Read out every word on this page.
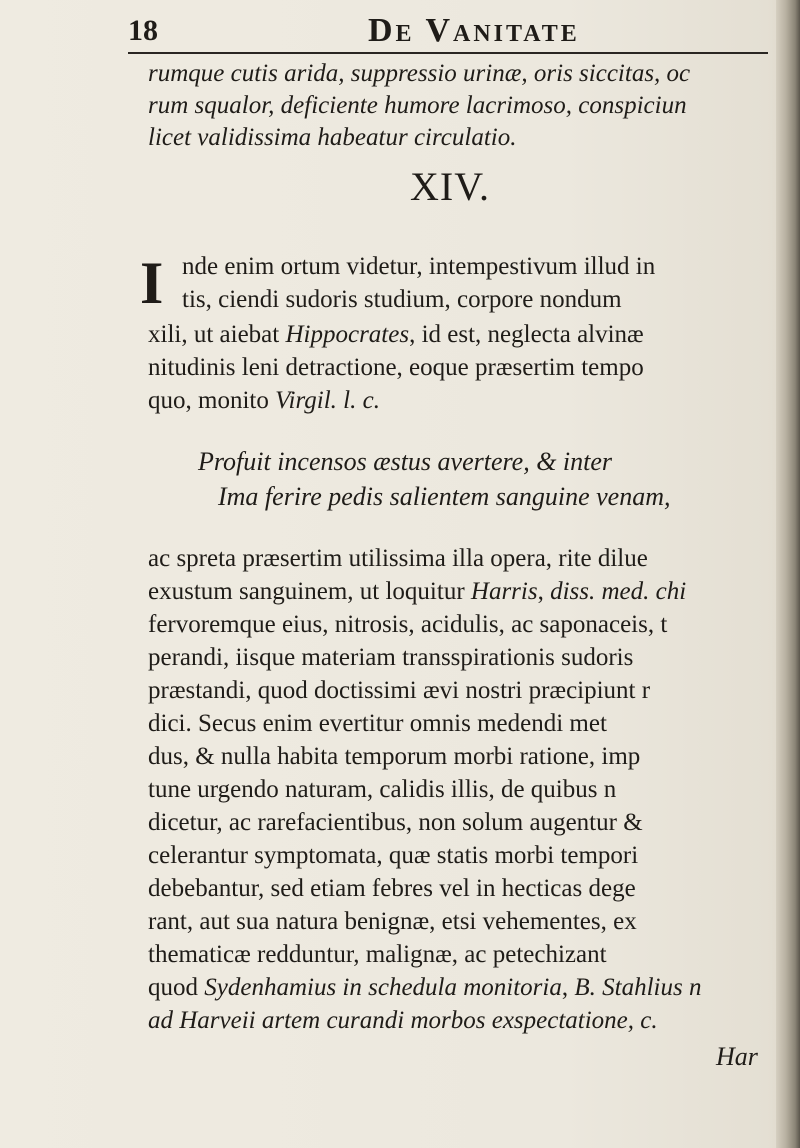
18	De Vanitate
rumque cutis arida, suppressio urinæ, oris siccitas, oc
rum squalor, deficiente humore lacrimoso, conspiciun
licet validissima habeatur circulatio.
XIV.
I nde enim ortum videtur, intempestivum illud in
tis, ciendi sudoris studium, corpore nondum
xili, ut aiebat Hippocrates, id est, neglecta alvinæ
nitudinis leni detractione, eoque præsertim tempo
quo, monito Virgil. l. c.
Profuit incensos æstus avertere, & inter
Ima ferire pedis salientem sanguine venam,
ac spreta præsertim utilissima illa opera, rite dilue
exustum sanguinem, ut loquitur Harris, diss. med. chi
fervoremque eius, nitrosis, acidulis, ac saponaceis, t
perandi, iisque materiam transspirationis sudoris
præstandi, quod doctissimi ævi nostri præcipiunt r
dici. Secus enim evertitur omnis medendi met
dus, & nulla habita temporum morbi ratione, imp
tune urgendo naturam, calidis illis, de quibus n
dicetur, ac rarefacientibus, non solum augentur &
celerantur symptomata, quæ statis morbi tempori
debebantur, sed etiam febres vel in hecticas dege
rant, aut sua natura benignæ, etsi vehementes, ex
thematicæ redduntur, malignæ, ac petechizant
quod Sydenhamius in schedula monitoria, B. Stahlius n
ad Harveii artem curandi morbos exspectatione, c.
Har
